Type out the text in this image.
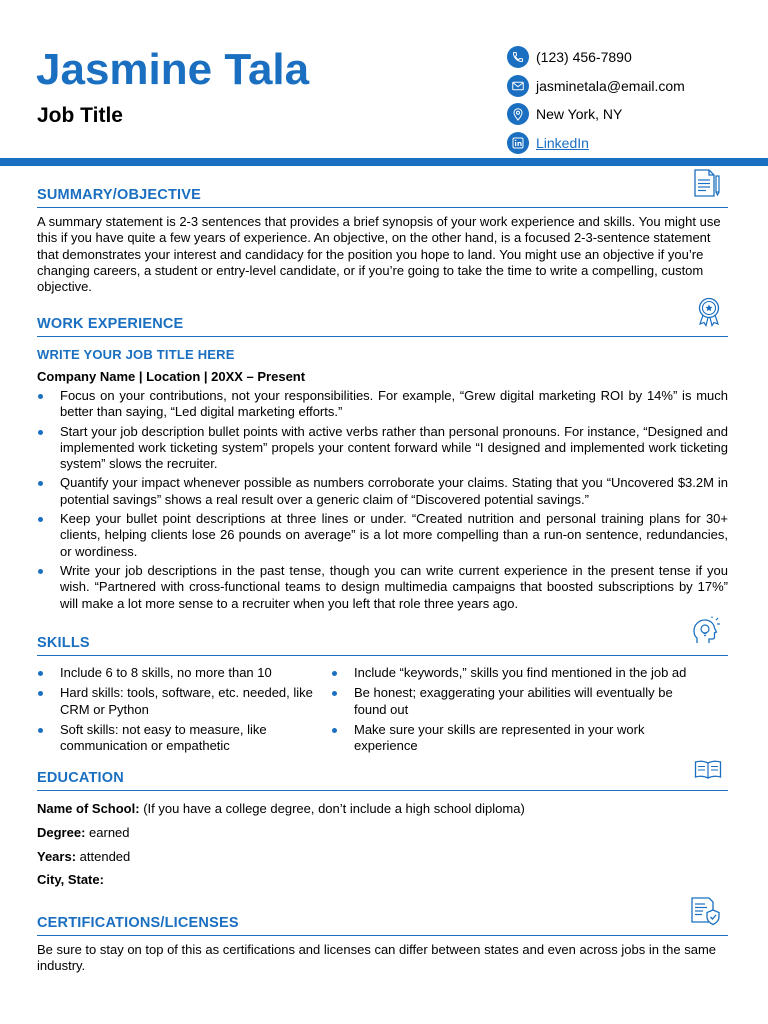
Jasmine Tala
Job Title
(123) 456-7890
jasminetala@email.com
New York, NY
LinkedIn
SUMMARY/OBJECTIVE

A summary statement is 2-3 sentences that provides a brief synopsis of your work experience and skills. You might use this if you have quite a few years of experience. An objective, on the other hand, is a focused 2-3-sentence statement that demonstrates your interest and candidacy for the position you hope to land. You might use an objective if you’re changing careers, a student or entry-level candidate, or if you’re going to take the time to write a compelling, custom objective.

WORK EXPERIENCE
WRITE YOUR JOB TITLE HERE
Company Name | Location | 20XX – Present
Focus on your contributions, not your responsibilities. For example, “Grew digital marketing ROI by 14%” is much better than saying, “Led digital marketing efforts.”
Start your job description bullet points with active verbs rather than personal pronouns. For instance, “Designed and implemented work ticketing system” propels your content forward while “I designed and implemented work ticketing system” slows the recruiter.
Quantify your impact whenever possible as numbers corroborate your claims. Stating that you “Uncovered $3.2M in potential savings” shows a real result over a generic claim of “Discovered potential savings.”
Keep your bullet point descriptions at three lines or under. “Created nutrition and personal training plans for 30+ clients, helping clients lose 26 pounds on average” is a lot more compelling than a run-on sentence, redundancies, or wordiness.
Write your job descriptions in the past tense, though you can write current experience in the present tense if you wish. “Partnered with cross-functional teams to design multimedia campaigns that boosted subscriptions by 17%” will make a lot more sense to a recruiter when you left that role three years ago.
SKILLS
Include 6 to 8 skills, no more than 10
Hard skills: tools, software, etc. needed, like CRM or Python
Soft skills: not easy to measure, like communication or empathetic
Include “keywords,” skills you find mentioned in the job ad
Be honest; exaggerating your abilities will eventually be found out
Make sure your skills are represented in your work experience
EDUCATION
Name of School: (If you have a college degree, don’t include a high school diploma)
Degree: earned
Years: attended
City, State:
CERTIFICATIONS/LICENSES

Be sure to stay on top of this as certifications and licenses can differ between states and even across jobs in the same industry.
